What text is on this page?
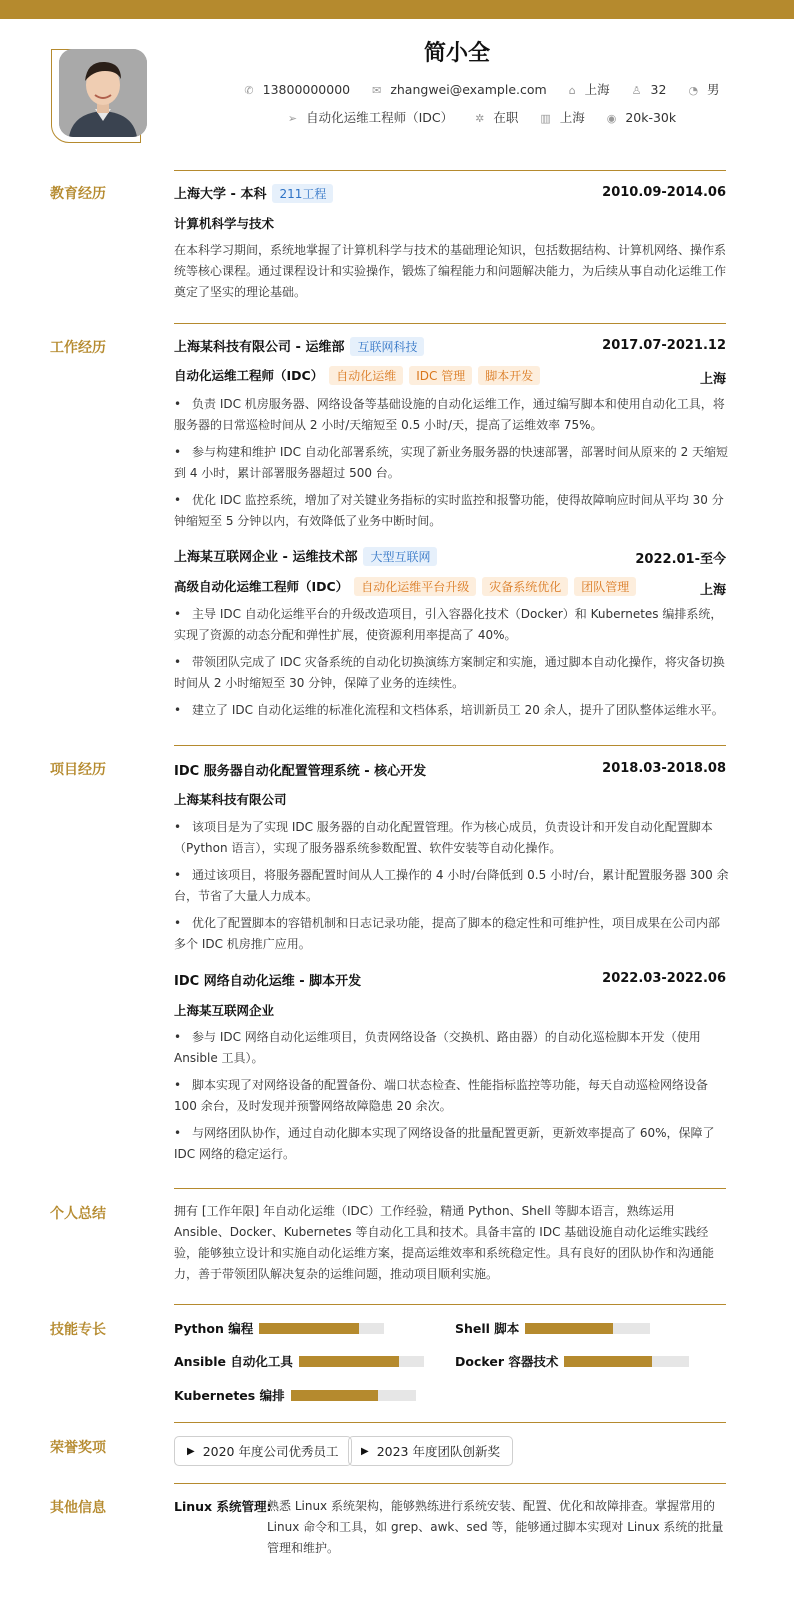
简小全
✆ 13800000000 ✉ zhangwei@example.com ⌂ 上海 ♙ 32 ◔ 男
➢ 自动化运维工程师（IDC） ✲ 在职 ▥ 上海 ◉ 20k-30k
教育经历	上海大学 - 本科 211工程	2010.09-2014.06
计算机科学与技术
在本科学习期间，系统地掌握了计算机科学与技术的基础理论知识，包括数据结构、计算机网络、操作系统等核心课程。通过课程设计和实验操作，锻炼了编程能力和问题解决能力，为后续从事自动化运维工作奠定了坚实的理论基础。
工作经历	上海某科技有限公司 - 运维部 互联网科技	2017.07-2021.12
自动化运维工程师（IDC） 自动化运维 IDC 管理 脚本开发	上海
• 负责 IDC 机房服务器、网络设备等基础设施的自动化运维工作，通过编写脚本和使用自动化工具，将服务器的日常巡检时间从 2 小时/天缩短至 0.5 小时/天，提高了运维效率 75%。
• 参与构建和维护 IDC 自动化部署系统，实现了新业务服务器的快速部署，部署时间从原来的 2 天缩短到 4 小时，累计部署服务器超过 500 台。
• 优化 IDC 监控系统，增加了对关键业务指标的实时监控和报警功能，使得故障响应时间从平均 30 分钟缩短至 5 分钟以内，有效降低了业务中断时间。
上海某互联网企业 - 运维技术部 大型互联网	2022.01-至今
高级自动化运维工程师（IDC） 自动化运维平台升级 灾备系统优化 团队管理	上海
• 主导 IDC 自动化运维平台的升级改造项目，引入容器化技术（Docker）和 Kubernetes 编排系统，实现了资源的动态分配和弹性扩展，使资源利用率提高了 40%。
• 带领团队完成了 IDC 灾备系统的自动化切换演练方案制定和实施，通过脚本自动化操作，将灾备切换时间从 2 小时缩短至 30 分钟，保障了业务的连续性。
• 建立了 IDC 自动化运维的标准化流程和文档体系，培训新员工 20 余人，提升了团队整体运维水平。
项目经历	IDC 服务器自动化配置管理系统 - 核心开发	2018.03-2018.08
上海某科技有限公司
• 该项目是为了实现 IDC 服务器的自动化配置管理。作为核心成员，负责设计和开发自动化配置脚本（Python 语言），实现了服务器系统参数配置、软件安装等自动化操作。
• 通过该项目，将服务器配置时间从人工操作的 4 小时/台降低到 0.5 小时/台，累计配置服务器 300 余台，节省了大量人力成本。
• 优化了配置脚本的容错机制和日志记录功能，提高了脚本的稳定性和可维护性，项目成果在公司内部多个 IDC 机房推广应用。
IDC 网络自动化运维 - 脚本开发	2022.03-2022.06
上海某互联网企业
• 参与 IDC 网络自动化运维项目，负责网络设备（交换机、路由器）的自动化巡检脚本开发（使用 Ansible 工具）。
• 脚本实现了对网络设备的配置备份、端口状态检查、性能指标监控等功能，每天自动巡检网络设备 100 余台，及时发现并预警网络故障隐患 20 余次。
• 与网络团队协作，通过自动化脚本实现了网络设备的批量配置更新，更新效率提高了 60%，保障了 IDC 网络的稳定运行。
个人总结	拥有 [工作年限] 年自动化运维（IDC）工作经验，精通 Python、Shell 等脚本语言，熟练运用 Ansible、Docker、Kubernetes 等自动化工具和技术。具备丰富的 IDC 基础设施自动化运维实践经验，能够独立设计和实施自动化运维方案，提高运维效率和系统稳定性。具有良好的团队协作和沟通能力，善于带领团队解决复杂的运维问题，推动项目顺利实施。
技能专长	Python 编程	Shell 脚本
Ansible 自动化工具	Docker 容器技术
Kubernetes 编排
荣誉奖项	▶ 2020 年度公司优秀员工 ▶ 2023 年度团队创新奖
其他信息	Linux 系统管理:
熟悉 Linux 系统架构，能够熟练进行系统安装、配置、优化和故障排查。掌握常用的 Linux 命令和工具，如 grep、awk、sed 等，能够通过脚本实现对 Linux 系统的批量管理和维护。
